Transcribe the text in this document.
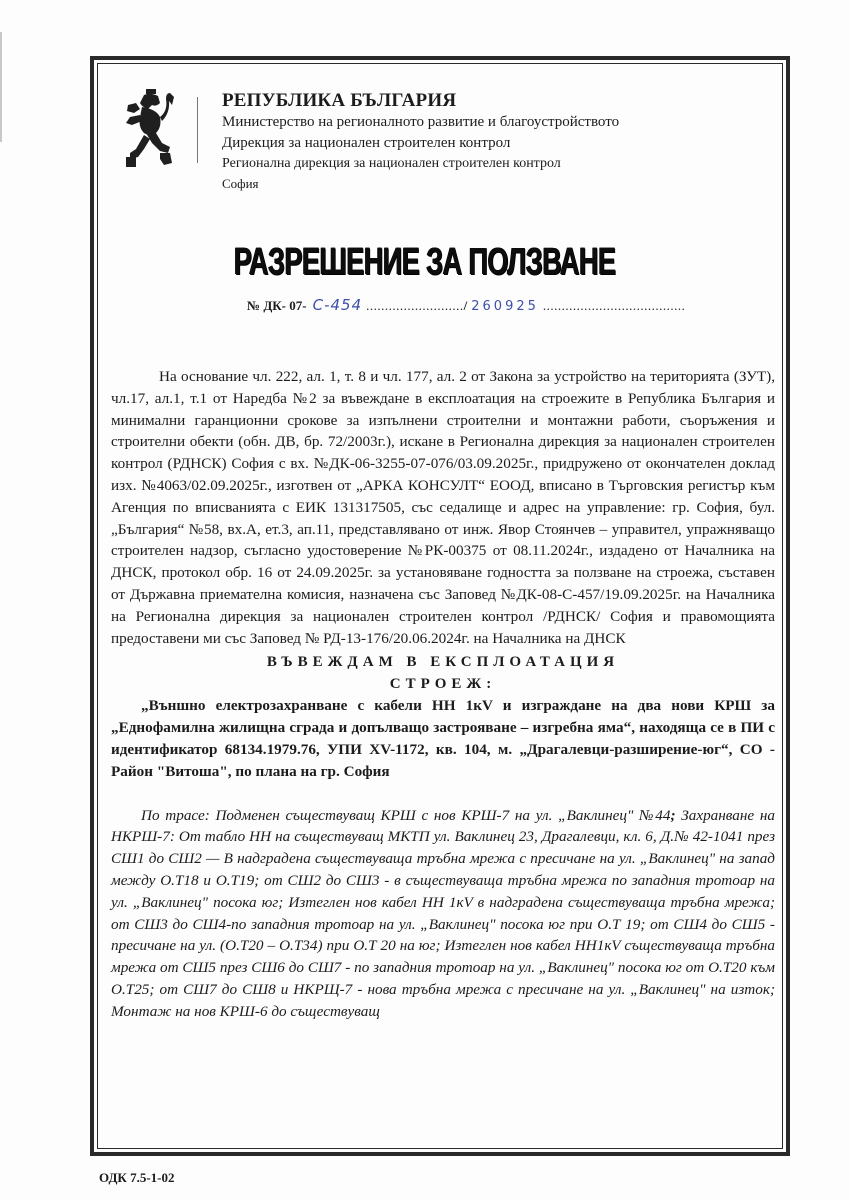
РЕПУБЛИКА БЪЛГАРИЯ
Министерство на регионалното развитие и благоустройството
Дирекция за национален строителен контрол
Регионална дирекция за национален строителен контрол
София
РАЗРЕШЕНИЕ ЗА ПОЛЗВАНЕ
№ ДК- 07- С-454 ........................../ 260925 ......................................

На основание чл. 222, ал. 1, т. 8 и чл. 177, ал. 2 от Закона за устройство на територията (ЗУТ), чл.17, ал.1, т.1 от Наредба №2 за въвеждане в експлоатация на строежите в Република България и минимални гаранционни срокове за изпълнени строителни и монтажни работи, съоръжения и строителни обекти (обн. ДВ, бр. 72/2003г.), искане в Регионална дирекция за национален строителен контрол (РДНСК) София с вх. №ДК-06-3255-07-076/03.09.2025г., придружено от окончателен доклад изх. №4063/02.09.2025г., изготвен от „АРКА КОНСУЛТ“ ЕООД, вписано в Търговския регистър към Агенция по вписванията с ЕИК 131317505, със седалище и адрес на управление: гр. София, бул. „България“ №58, вх.А, ет.3, ап.11, представлявано от инж. Явор Стоянчев – управител, упражняващо строителен надзор, съгласно удостоверение №РК-00375 от 08.11.2024г., издадено от Началника на ДНСК, протокол обр. 16 от 24.09.2025г. за установяване годността за ползване на строежа, съставен от Държавна приемателна комисия, назначена със Заповед №ДК-08-С-457/19.09.2025г. на Началника на Регионална дирекция за национален строителен контрол /РДНСК/ София и правомощията предоставени ми със Заповед № РД-13-176/20.06.2024г. на Началника на ДНСК

ВЪВЕЖДАМ В ЕКСПЛОАТАЦИЯ

СТРОЕЖ:

„Външно електрозахранване с кабели НН 1кV и изграждане на два нови КРШ за „Еднофамилна жилищна сграда и допълващо застрояване – изгребна яма“, находяща се в ПИ с идентификатор 68134.1979.76, УПИ XV-1172, кв. 104, м. „Драгалевци-разширение-юг“, СО - Район "Витоша", по плана на гр. София

По трасе: Подменен съществуващ КРШ с нов КРШ-7 на ул. „Ваклинец" №44; Захранване на НКРШ-7: От табло НН на съществуващ МКТП ул. Ваклинец 23, Драгалевци, кл. 6, Д.№ 42-1041 през СШ1 до СШ2 — В надградена съществуваща тръбна мрежа с пресичане на ул. „Ваклинец" на запад между О.Т18 и О.Т19; от СШ2 до СШ3 - в съществуваща тръбна мрежа по западния тротоар на ул. „Ваклинец" посока юг; Изтеглен нов кабел НН 1кV в надградена съществуваща тръбна мрежа; от СШ3 до СШ4-по западния тротоар на ул. „Ваклинец" посока юг при О.Т 19; от СШ4 до СШ5 - пресичане на ул. (О.Т20 – О.Т34) при О.Т 20 на юг; Изтеглен нов кабел НН1кV съществуваща тръбна мрежа от СШ5 през СШ6 до СШ7 - по западния тротоар на ул. „Ваклинец" посока юг от О.Т20 към О.Т25; от СШ7 до СШ8 и НКРЩ-7 - нова тръбна мрежа с пресичане на ул. „Ваклинец" на изток; Монтаж на нов КРШ-6 до съществуващ

ОДК 7.5-1-02
